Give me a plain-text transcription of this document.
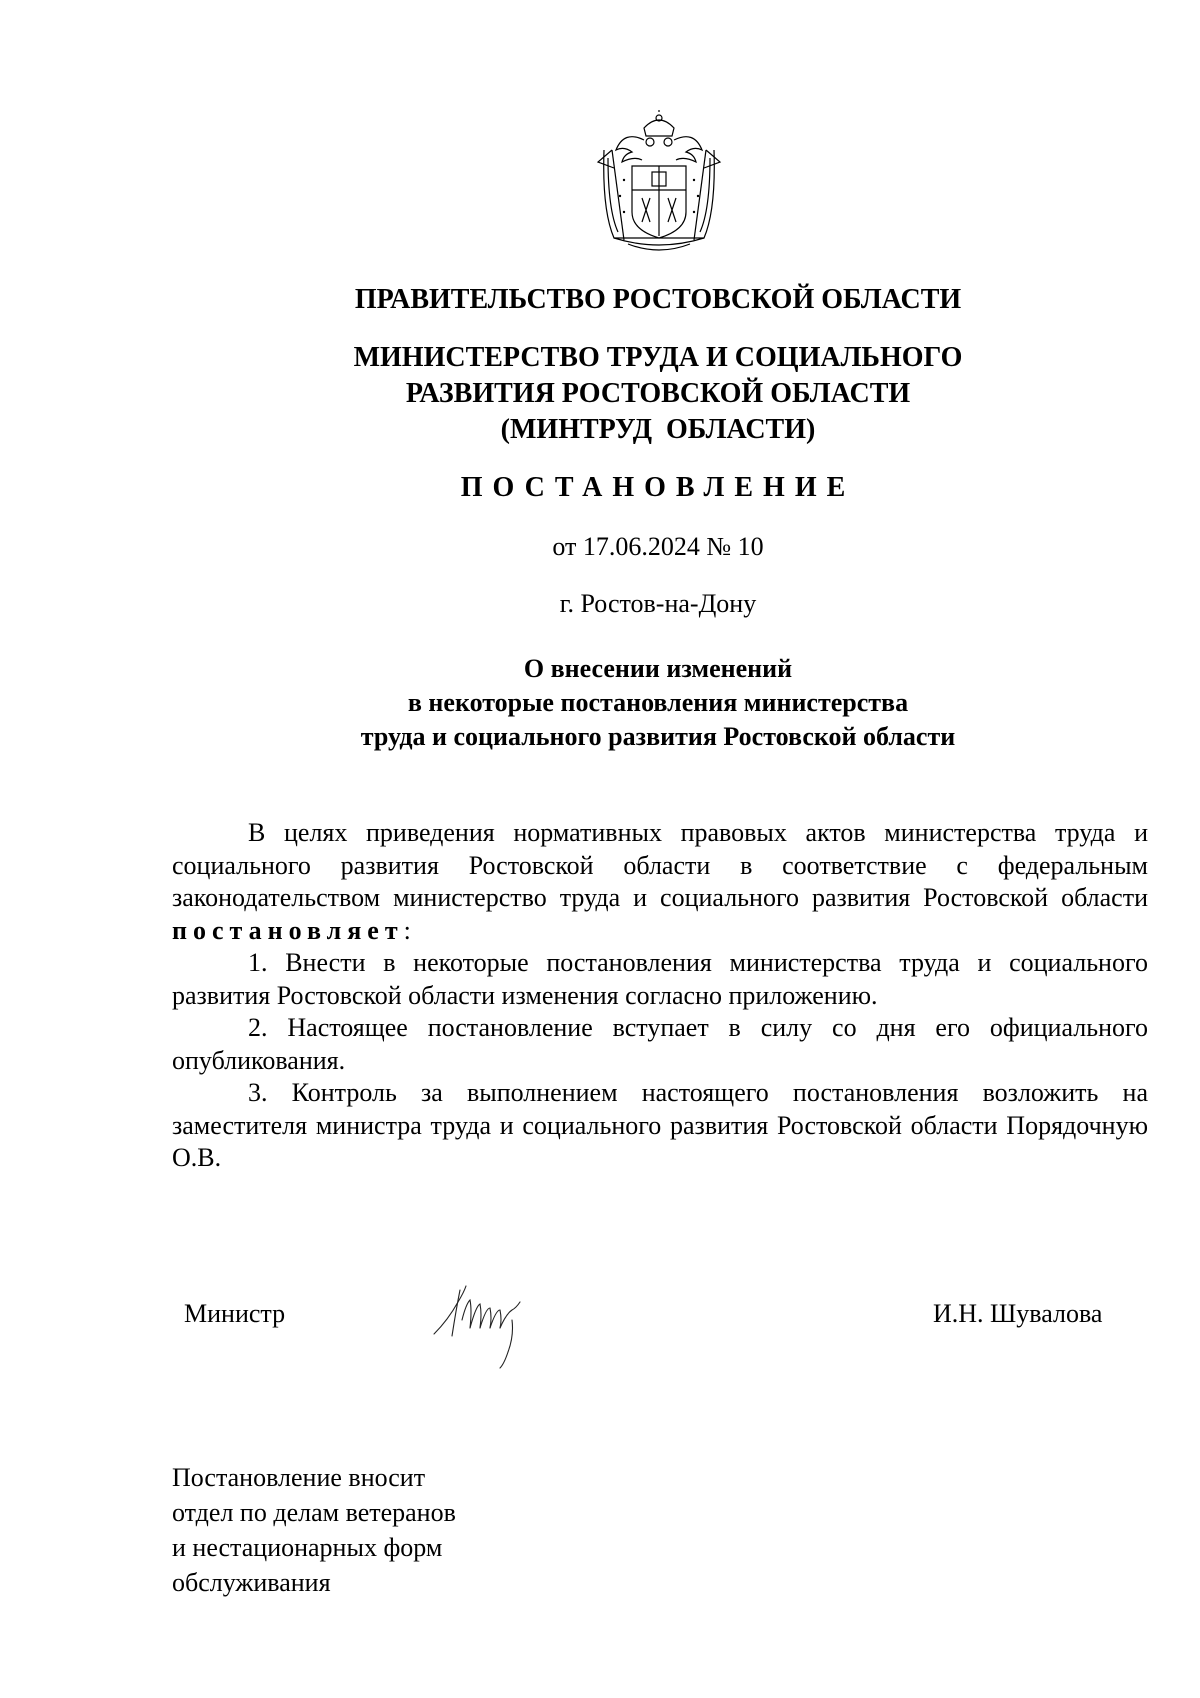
ПРАВИТЕЛЬСТВО РОСТОВСКОЙ ОБЛАСТИ
МИНИСТЕРСТВО ТРУДА И СОЦИАЛЬНОГО
РАЗВИТИЯ РОСТОВСКОЙ ОБЛАСТИ
(МИНТРУД  ОБЛАСТИ)
ПОСТАНОВЛЕНИЕ
от 17.06.2024 № 10
г. Ростов-на-Дону
О внесении изменений
в некоторые постановления министерства
труда и социального развития Ростовской области

В целях приведения нормативных правовых актов министерства труда и социального развития Ростовской области в соответствие с федеральным законодательством министерство труда и социального развития Ростовской области постановляет:

1. Внести в некоторые постановления министерства труда и социального развития Ростовской области изменения согласно приложению.

2. Настоящее постановление вступает в силу со дня его официального опубликования.

3. Контроль за выполнением настоящего постановления возложить на заместителя министра труда и социального развития Ростовской области Порядочную О.В.

Министр	И.Н. Шувалова
Постановление вносит
отдел по делам ветеранов
и нестационарных форм
обслуживания
